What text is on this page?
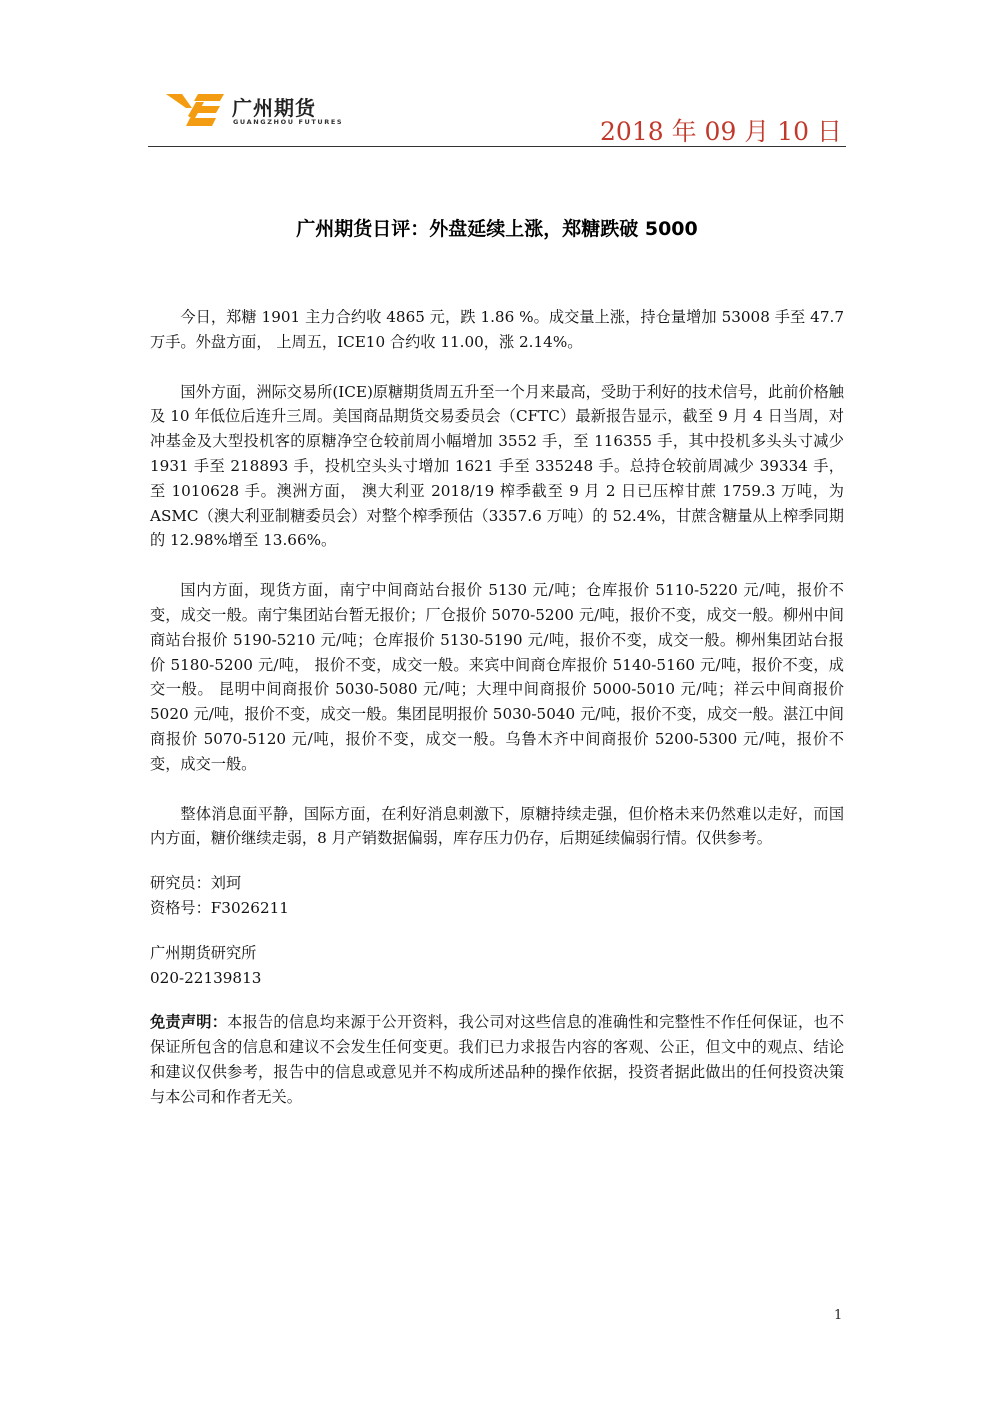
广州期货
GUANGZHOU FUTURES	2018 年 09 月 10 日
广州期货日评：外盘延续上涨，郑糖跌破 5000

今日，郑糖 1901 主力合约收 4865 元，跌 1.86 %。成交量上涨，持仓量增加 53008 手至 47.7 万手。外盘方面， 上周五，ICE10 合约收 11.00，涨 2.14%。

国外方面，洲际交易所(ICE)原糖期货周五升至一个月来最高，受助于利好的技术信号，此前价格触及 10 年低位后连升三周。美国商品期货交易委员会（CFTC）最新报告显示，截至 9 月 4 日当周，对冲基金及大型投机客的原糖净空仓较前周小幅增加 3552 手，至 116355 手，其中投机多头头寸减少 1931 手至 218893 手，投机空头头寸增加 1621 手至 335248 手。总持仓较前周减少 39334 手，至 1010628 手。澳洲方面， 澳大利亚 2018/19 榨季截至 9 月 2 日已压榨甘蔗 1759.3 万吨，为 ASMC（澳大利亚制糖委员会）对整个榨季预估（3357.6 万吨）的 52.4%，甘蔗含糖量从上榨季同期的 12.98%增至 13.66%。

国内方面，现货方面，南宁中间商站台报价 5130 元/吨；仓库报价 5110-5220 元/吨，报价不变，成交一般。南宁集团站台暂无报价；厂仓报价 5070-5200 元/吨，报价不变，成交一般。柳州中间商站台报价 5190-5210 元/吨；仓库报价 5130-5190 元/吨，报价不变，成交一般。柳州集团站台报价 5180-5200 元/吨， 报价不变，成交一般。来宾中间商仓库报价 5140-5160 元/吨，报价不变，成交一般。 昆明中间商报价 5030-5080 元/吨；大理中间商报价 5000-5010 元/吨；祥云中间商报价 5020 元/吨，报价不变，成交一般。集团昆明报价 5030-5040 元/吨，报价不变，成交一般。湛江中间商报价 5070-5120 元/吨，报价不变，成交一般。乌鲁木齐中间商报价 5200-5300 元/吨，报价不变，成交一般。

整体消息面平静，国际方面，在利好消息刺激下，原糖持续走强，但价格未来仍然难以走好，而国内方面，糖价继续走弱，8 月产销数据偏弱，库存压力仍存，后期延续偏弱行情。仅供参考。

研究员：刘珂

资格号：F3026211

广州期货研究所

020-22139813

免责声明：本报告的信息均来源于公开资料，我公司对这些信息的准确性和完整性不作任何保证，也不保证所包含的信息和建议不会发生任何变更。我们已力求报告内容的客观、公正，但文中的观点、结论和建议仅供参考，报告中的信息或意见并不构成所述品种的操作依据，投资者据此做出的任何投资决策与本公司和作者无关。

1
